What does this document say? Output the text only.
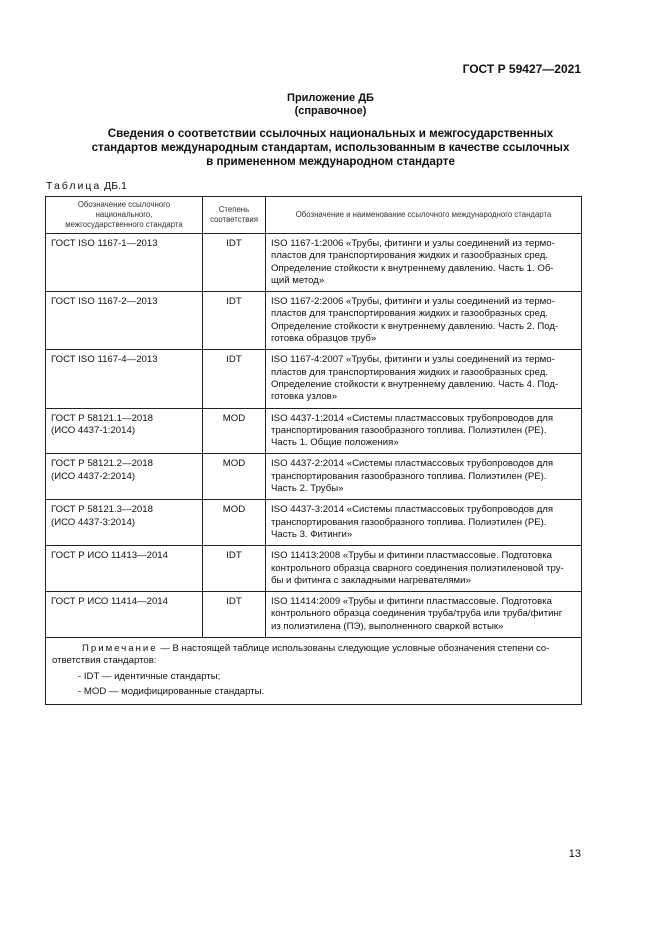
ГОСТ Р 59427—2021
Приложение ДБ
(справочное)
Сведения о соответствии ссылочных национальных и межгосударственных
стандартов международным стандартам, использованным в качестве ссылочных
в примененном международном стандарте
Таблица ДБ.1
Обозначение ссылочного
национального,
межгосударственного стандарта	Степень
соответствия	Обозначение и наименование ссылочного международного стандарта
ГОСТ ISO 1167-1—2013	IDT	ISO 1167-1:2006 «Трубы, фитинги и узлы соединений из термо-
пластов для транспортирования жидких и газообразных сред.
Определение стойкости к внутреннему давлению. Часть 1. Об-
щий метод»
ГОСТ ISO 1167-2—2013	IDT	ISO 1167-2:2006 «Трубы, фитинги и узлы соединений из термо-
пластов для транспортирования жидких и газообразных сред.
Определение стойкости к внутреннему давлению. Часть 2. Под-
готовка образцов труб»
ГОСТ ISO 1167-4—2013	IDT	ISO 1167-4:2007 «Трубы, фитинги и узлы соединений из термо-
пластов для транспортирования жидких и газообразных сред.
Определение стойкости к внутреннему давлению. Часть 4. Под-
готовка узлов»
ГОСТ Р 58121.1—2018
(ИСО 4437-1:2014)	MOD	ISO 4437-1:2014 «Системы пластмассовых трубопроводов для
транспортирования газообразного топлива. Полиэтилен (PE).
Часть 1. Общие положения»
ГОСТ Р 58121.2—2018
(ИСО 4437-2:2014)	MOD	ISO 4437-2:2014 «Системы пластмассовых трубопроводов для
транспортирования газообразного топлива. Полиэтилен (PE).
Часть 2. Трубы»
ГОСТ Р 58121.3—2018
(ИСО 4437-3:2014)	MOD	ISO 4437-3:2014 «Системы пластмассовых трубопроводов для
транспортирования газообразного топлива. Полиэтилен (PE).
Часть 3. Фитинги»
ГОСТ Р ИСО 11413—2014	IDT	ISO 11413:2008 «Трубы и фитинги пластмассовые. Подготовка
контрольного образца сварного соединения полиэтиленовой тру-
бы и фитинга с закладными нагревателями»
ГОСТ Р ИСО 11414—2014	IDT	ISO 11414:2009 «Трубы и фитинги пластмассовые. Подготовка
контрольного образца соединения труба/труба или труба/фитинг
из полиэтилена (ПЭ), выполненного сваркой встык»

Примечание — В настоящей таблице использованы следующие условные обозначения степени со-ответствия стандартов:
- IDT — идентичные стандарты;
- MOD — модифицированные стандарты.		
13
